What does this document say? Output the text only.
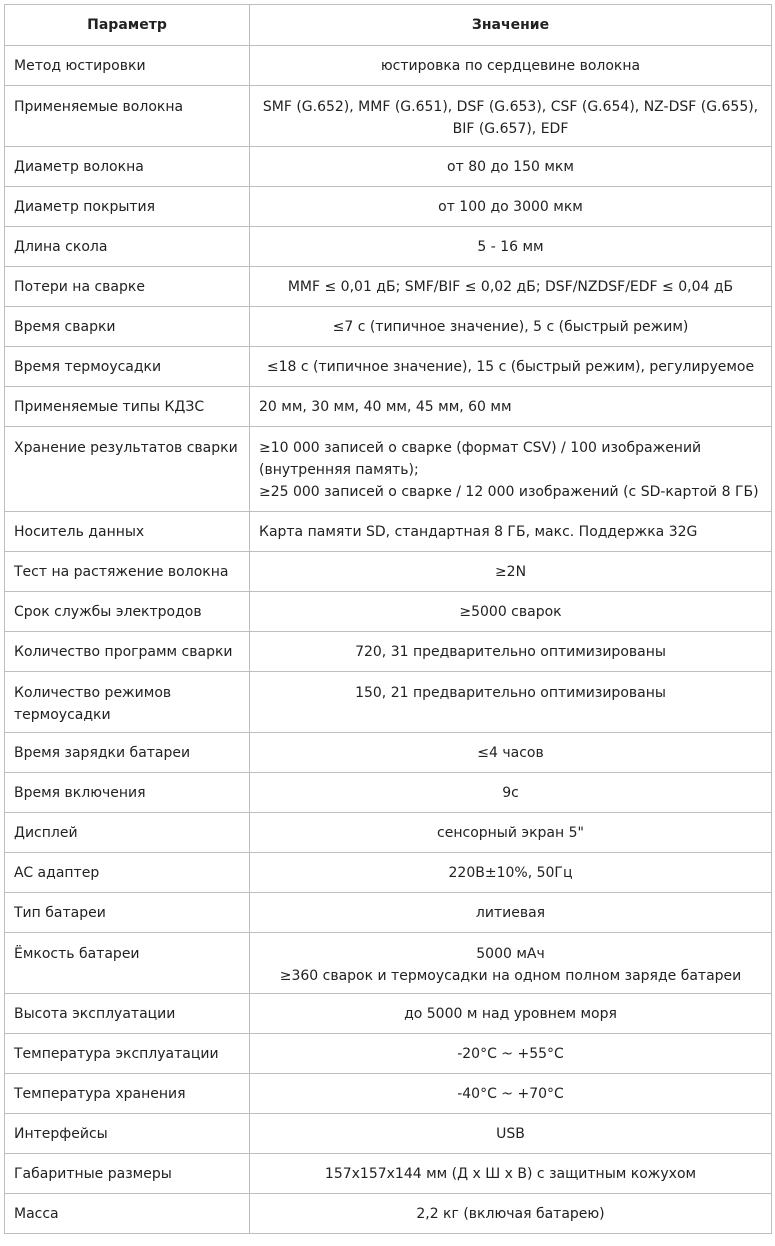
Параметр	Значение

Метод юстировки	юстировка по сердцевине волокна

Применяемые волокна	SMF (G.652), MMF (G.651), DSF (G.653), CSF (G.654), NZ-DSF (G.655),
BIF (G.657), EDF

Диаметр волокна	от 80 до 150 мкм

Диаметр покрытия	от 100 до 3000 мкм

Длина скола	5 - 16 мм

Потери на сварке	MMF ≤ 0,01 дБ; SMF/BIF ≤ 0,02 дБ; DSF/NZDSF/EDF ≤ 0,04 дБ

Время сварки	≤7 с (типичное значение), 5 с (быстрый режим)

Время термоусадки	≤18 с (типичное значение), 15 с (быстрый режим), регулируемое

Применяемые типы КДЗС	20 мм, 30 мм, 40 мм, 45 мм, 60 мм

Хранение результатов сварки	≥10 000 записей о сварке (формат CSV) / 100 изображений
(внутренняя память);
≥25 000 записей о сварке / 12 000 изображений (с SD-картой 8 ГБ)

Носитель данных	Карта памяти SD, стандартная 8 ГБ, макс. Поддержка 32G

Тест на растяжение волокна	≥2N

Срок службы электродов	≥5000 сварок

Количество программ сварки	720, 31 предварительно оптимизированы

Количество режимов
термоусадки	150, 21 предварительно оптимизированы

Время зарядки батареи	≤4 часов

Время включения	9с

Дисплей	сенсорный экран 5"

AC адаптер	220В±10%, 50Гц

Тип батареи	литиевая

Ёмкость батареи	5000 мАч
≥360 сварок и термоусадки на одном полном заряде батареи

Высота эксплуатации	до 5000 м над уровнем моря

Температура эксплуатации	-20°C ~ +55°C

Температура хранения	-40°C ~ +70°C

Интерфейсы	USB

Габаритные размеры	157x157x144 мм (Д x Ш x В) с защитным кожухом

Масса	2,2 кг (включая батарею)
